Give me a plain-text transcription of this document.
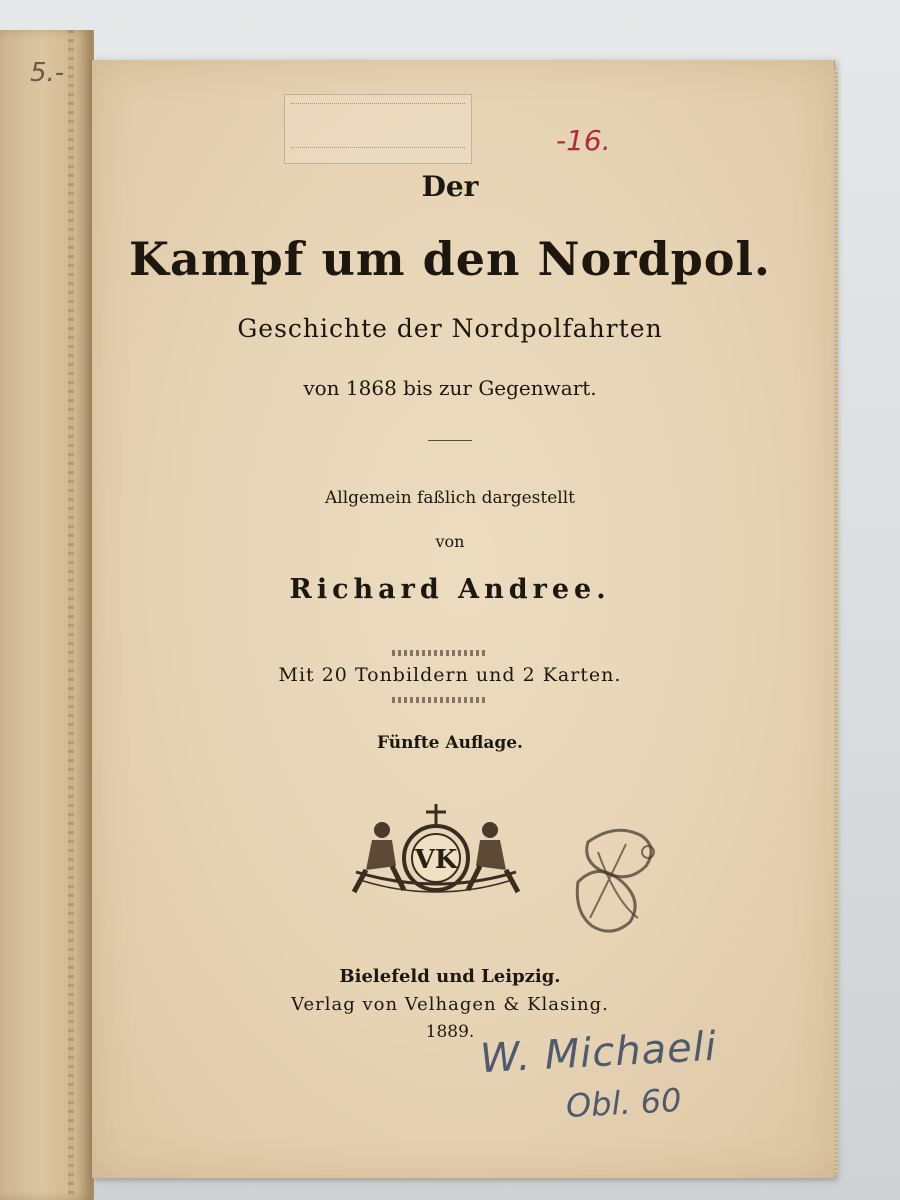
5.-
-16.
Der
Kampf um den Nordpol.
Geschichte der Nordpolfahrten
von 1868 bis zur Gegenwart.
Allgemein faßlich dargestellt
von
Richard Andree.
Mit 20 Tonbildern und 2 Karten.
Fünfte Auflage.
VK
Bielefeld und Leipzig.
Verlag von Velhagen & Klasing.
1889. W. Michaeli
Obl. 60
